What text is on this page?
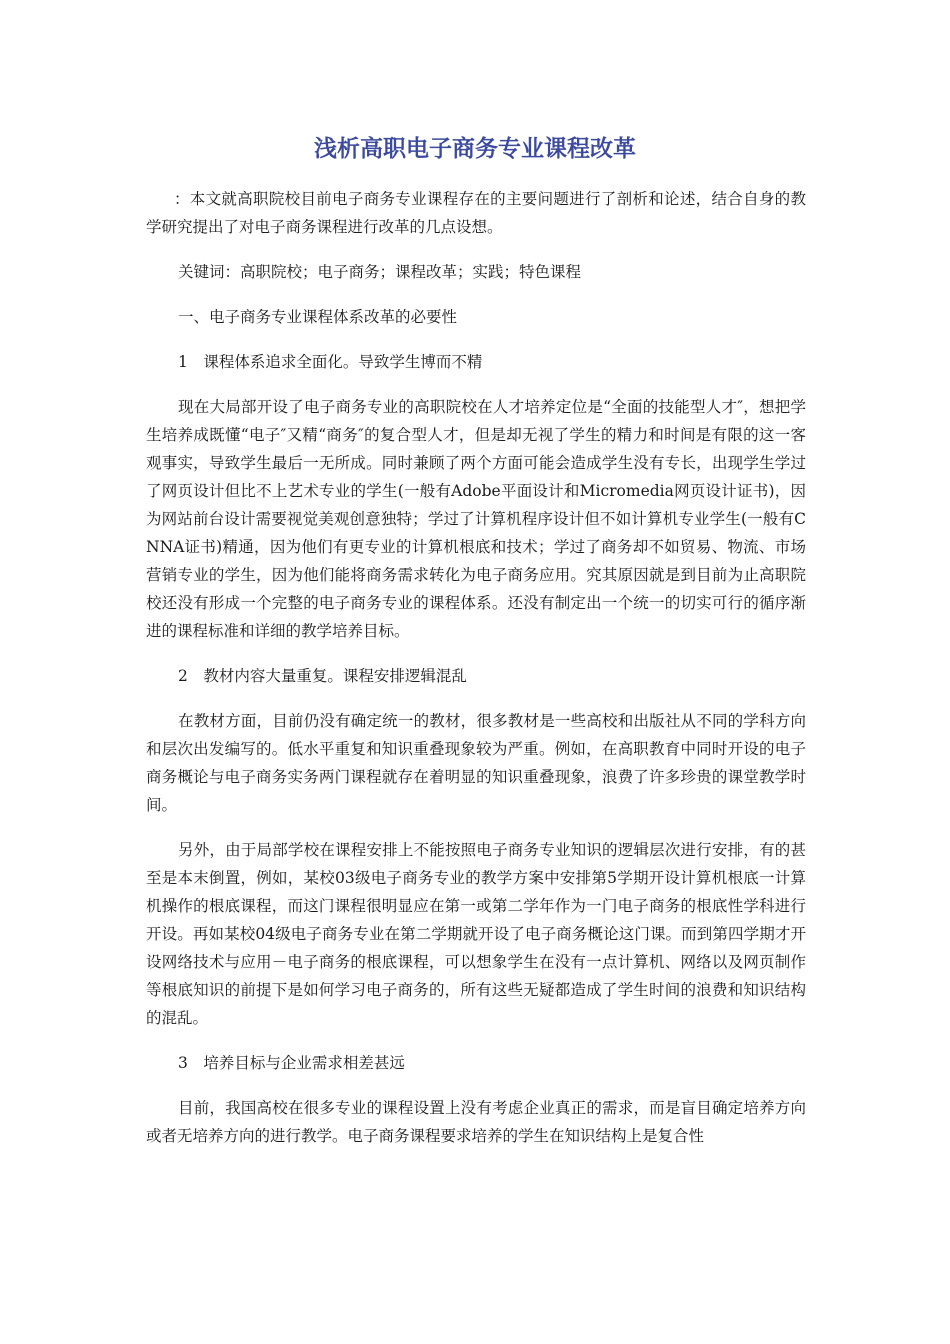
浅析高职电子商务专业课程改革

：本文就高职院校目前电子商务专业课程存在的主要问题进行了剖析和论述，结合自身的教学研究提出了对电子商务课程进行改革的几点设想。

关键词：高职院校；电子商务；课程改革；实践；特色课程

一、电子商务专业课程体系改革的必要性

1　课程体系追求全面化。导致学生博而不精

现在大局部开设了电子商务专业的高职院校在人才培养定位是“全面的技能型人才″，想把学生培养成既懂“电子″又精“商务″的复合型人才，但是却无视了学生的精力和时间是有限的这一客观事实，导致学生最后一无所成。同时兼顾了两个方面可能会造成学生没有专长，出现学生学过了网页设计但比不上艺术专业的学生(一般有Adobe平面设计和Micromedia网页设计证书)，因为网站前台设计需要视觉美观创意独特；学过了计算机程序设计但不如计算机专业学生(一般有CNNA证书)精通，因为他们有更专业的计算机根底和技术；学过了商务却不如贸易、物流、市场营销专业的学生，因为他们能将商务需求转化为电子商务应用。究其原因就是到目前为止高职院校还没有形成一个完整的电子商务专业的课程体系。还没有制定出一个统一的切实可行的循序渐进的课程标准和详细的教学培养目标。

2　教材内容大量重复。课程安排逻辑混乱

在教材方面，目前仍没有确定统一的教材，很多教材是一些高校和出版社从不同的学科方向和层次出发编写的。低水平重复和知识重叠现象较为严重。例如，在高职教育中同时开设的电子商务概论与电子商务实务两门课程就存在着明显的知识重叠现象，浪费了许多珍贵的课堂教学时间。

另外，由于局部学校在课程安排上不能按照电子商务专业知识的逻辑层次进行安排，有的甚至是本末倒置，例如，某校03级电子商务专业的教学方案中安排第5学期开设计算机根底一计算机操作的根底课程，而这门课程很明显应在第一或第二学年作为一门电子商务的根底性学科进行开设。再如某校04级电子商务专业在第二学期就开设了电子商务概论这门课。而到第四学期才开设网络技术与应用－电子商务的根底课程，可以想象学生在没有一点计算机、网络以及网页制作等根底知识的前提下是如何学习电子商务的，所有这些无疑都造成了学生时间的浪费和知识结构的混乱。

3　培养目标与企业需求相差甚远

目前，我国高校在很多专业的课程设置上没有考虑企业真正的需求，而是盲目确定培养方向或者无培养方向的进行教学。电子商务课程要求培养的学生在知识结构上是复合性
